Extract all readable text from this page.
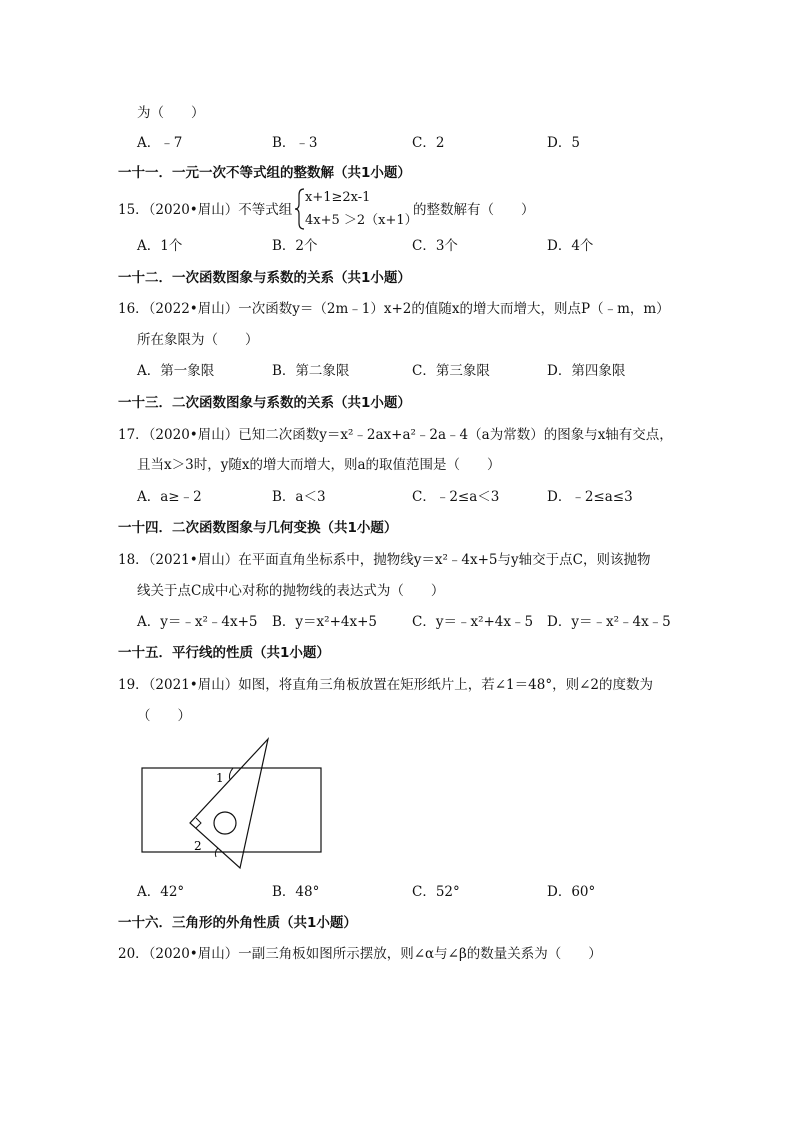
为（　　）
A．﹣7	B．﹣3	C．2	D．5
一十一．一元一次不等式组的整数解（共1小题）
15．（2020•眉山）不等式组
x+1≥2x-1
4x+5 ＞2（x+1）
的整数解有（　　）
A．1个	B．2个	C．3个	D．4个
一十二．一次函数图象与系数的关系（共1小题）
16．（2022•眉山）一次函数y＝（2m﹣1）x+2的值随x的增大而增大，则点P（﹣m，m）
所在象限为（　　）
A．第一象限	B．第二象限	C．第三象限	D．第四象限
一十三．二次函数图象与系数的关系（共1小题）
17．（2020•眉山）已知二次函数y＝x²﹣2ax+a²﹣2a﹣4（a为常数）的图象与x轴有交点，
且当x＞3时，y随x的增大而增大，则a的取值范围是（　　）
A．a≥﹣2	B．a＜3	C．﹣2≤a＜3	D．﹣2≤a≤3
一十四．二次函数图象与几何变换（共1小题）
18．（2021•眉山）在平面直角坐标系中，抛物线y＝x²﹣4x+5与y轴交于点C，则该抛物
线关于点C成中心对称的抛物线的表达式为（　　）
A．y＝﹣x²﹣4x+5 B．y＝x²+4x+5	C．y＝﹣x²+4x﹣5 D．y＝﹣x²﹣4x﹣5
一十五．平行线的性质（共1小题）
19．（2021•眉山）如图，将直角三角板放置在矩形纸片上，若∠1＝48°，则∠2的度数为
（　　）
1
2
A．42°	B．48°	C．52°	D．60°
一十六．三角形的外角性质（共1小题）
20．（2020•眉山）一副三角板如图所示摆放，则∠α与∠β的数量关系为（　　）
